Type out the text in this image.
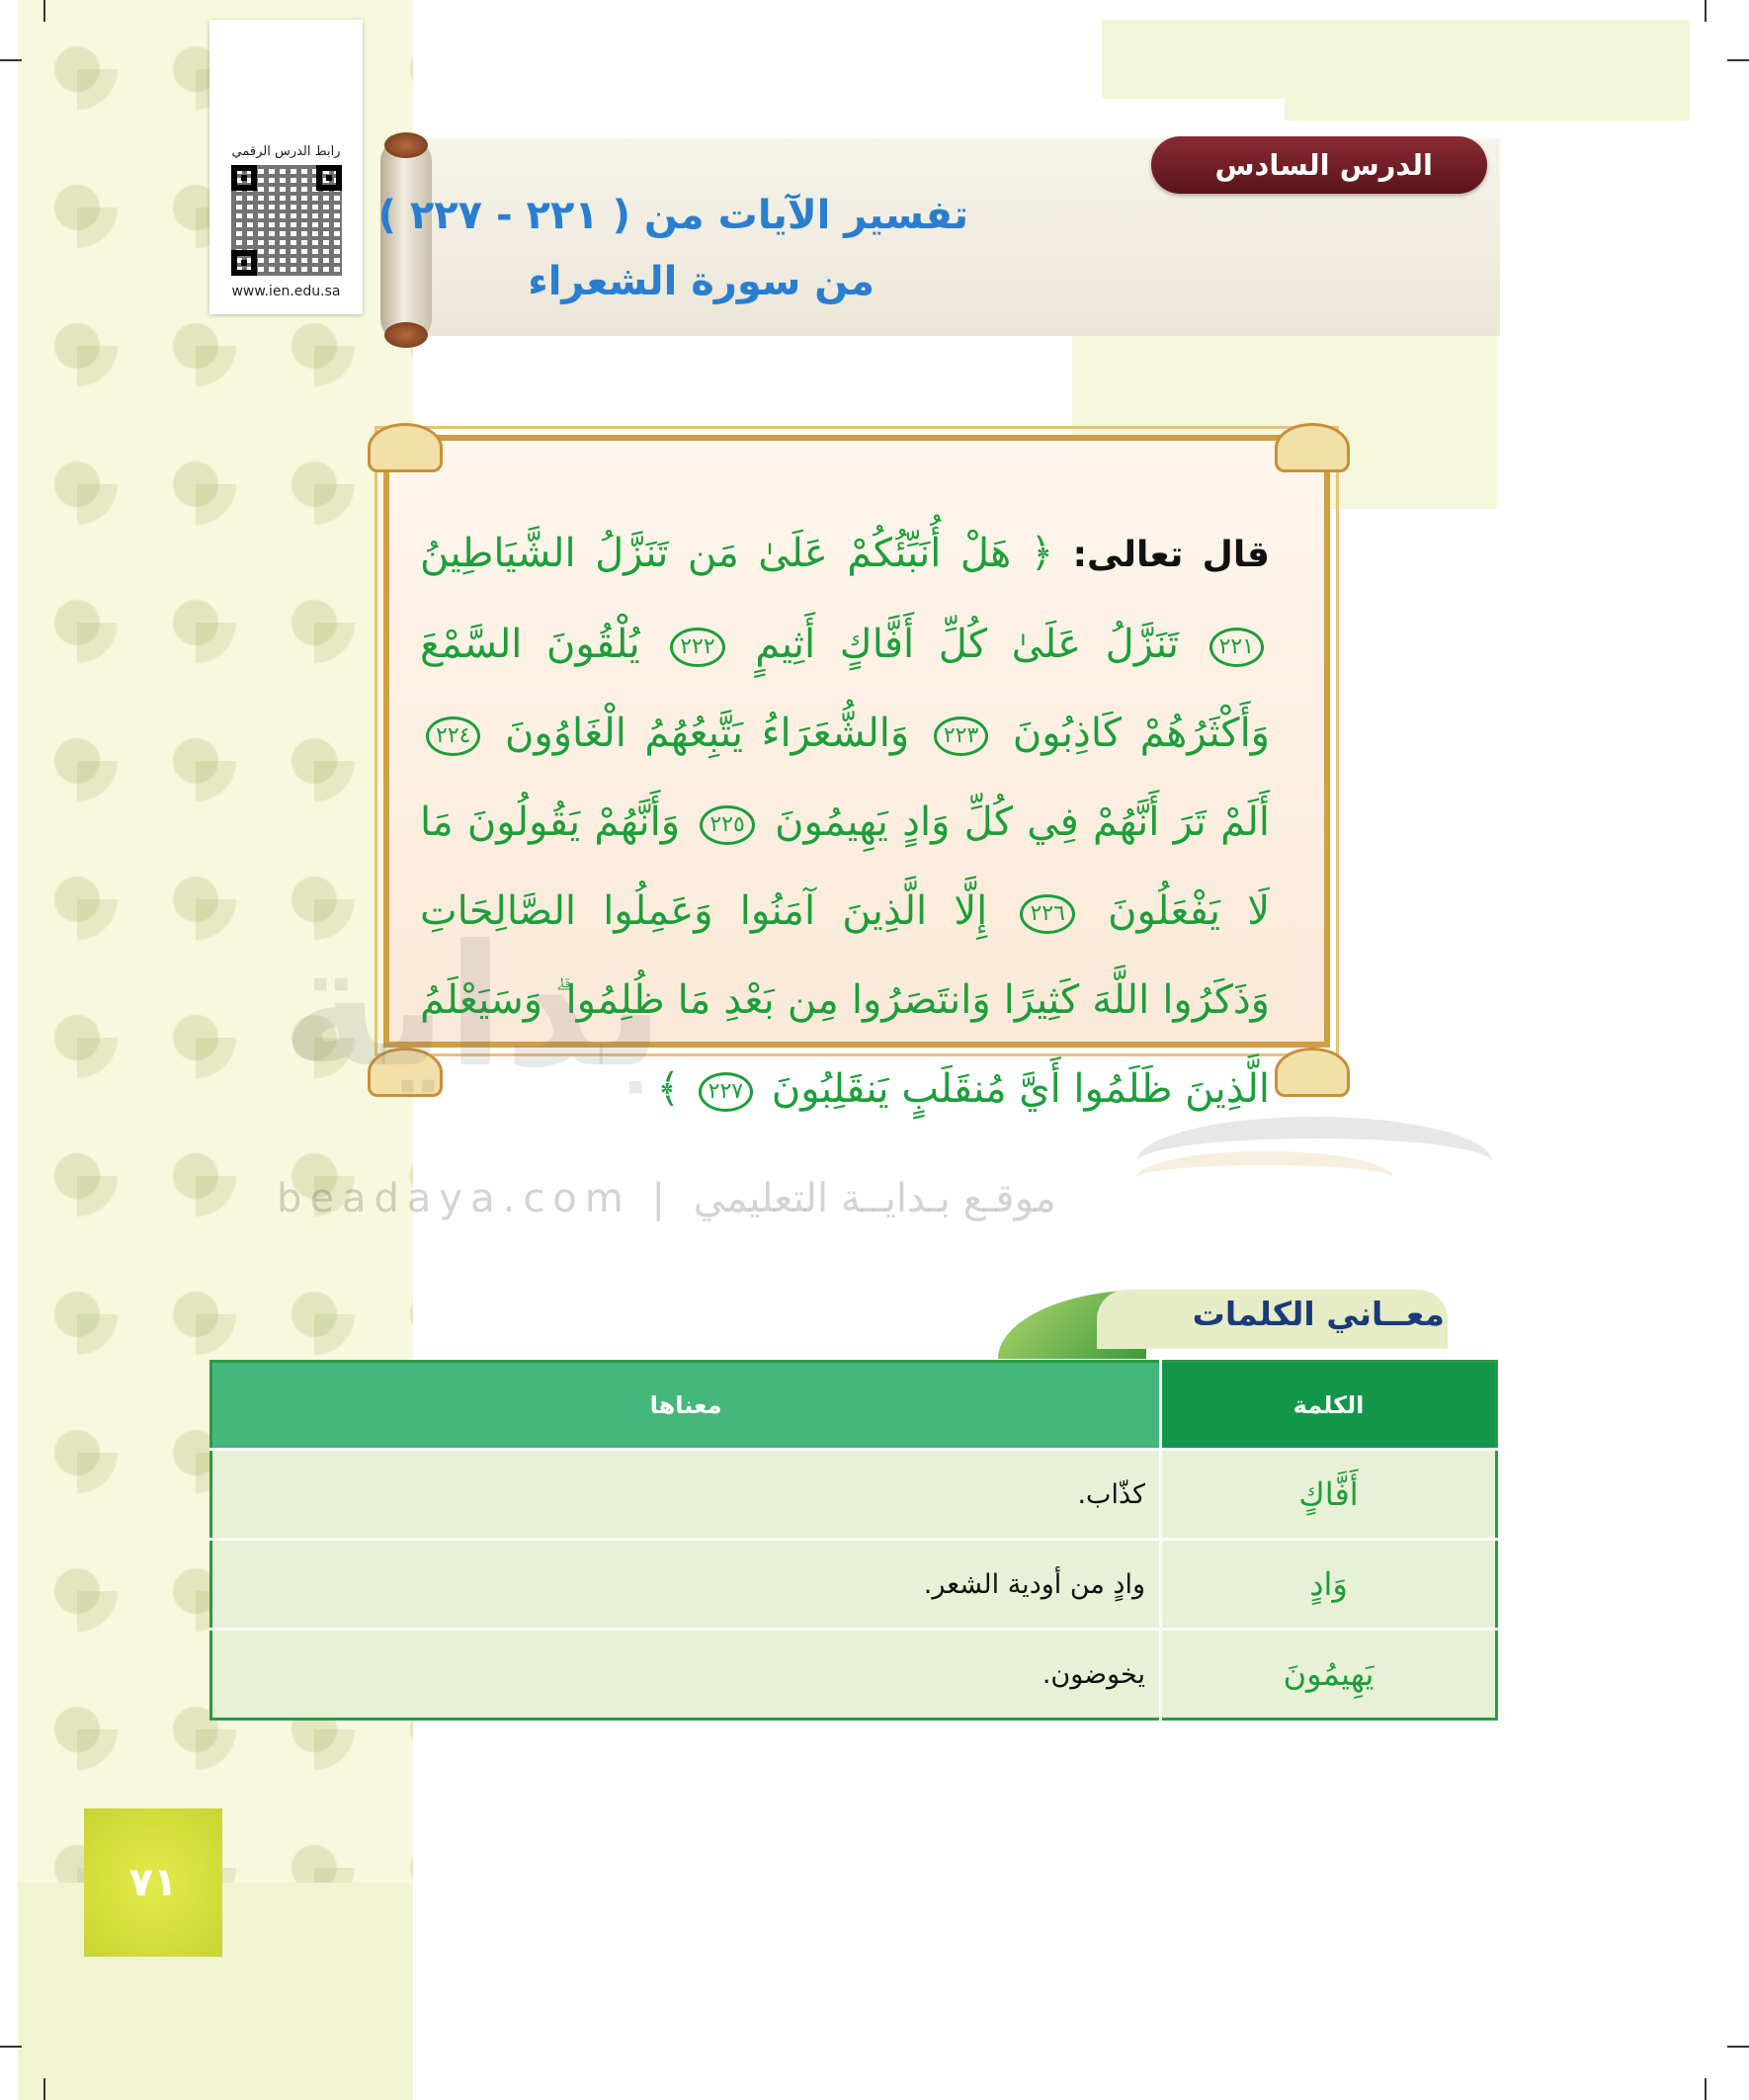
رابط الدرس الرقمي
www.ien.edu.sa
تفسير الآيات من ( ٢٢١ - ٢٢٧ )
من سورة الشعراء
الدرس السادس
قال تعالى: ﴿ هَلْ أُنَبِّئُكُمْ عَلَىٰ مَن تَنَزَّلُ الشَّيَاطِينُ ٢٢١ تَنَزَّلُ عَلَىٰ كُلِّ أَفَّاكٍ أَثِيمٍ ٢٢٢ يُلْقُونَ السَّمْعَ وَأَكْثَرُهُمْ كَاذِبُونَ ٢٢٣ وَالشُّعَرَاءُ يَتَّبِعُهُمُ الْغَاوُونَ ٢٢٤ أَلَمْ تَرَ أَنَّهُمْ فِي كُلِّ وَادٍ يَهِيمُونَ ٢٢٥ وَأَنَّهُمْ يَقُولُونَ مَا لَا يَفْعَلُونَ ٢٢٦ إِلَّا الَّذِينَ آمَنُوا وَعَمِلُوا الصَّالِحَاتِ وَذَكَرُوا اللَّهَ كَثِيرًا وَانتَصَرُوا مِن بَعْدِ مَا ظُلِمُوا ۗ وَسَيَعْلَمُ الَّذِينَ ظَلَمُوا أَيَّ مُنقَلَبٍ يَنقَلِبُونَ ٢٢٧ ﴾
بداية
beadaya.com | موقـع بـدايــة التعليمي
معــاني الكلمات
الكلمة	معناها
أَفَّاكٍ	كذّاب.
وَادٍ	وادٍ من أودية الشعر.
يَهِيمُونَ	يخوضون.
٧١
